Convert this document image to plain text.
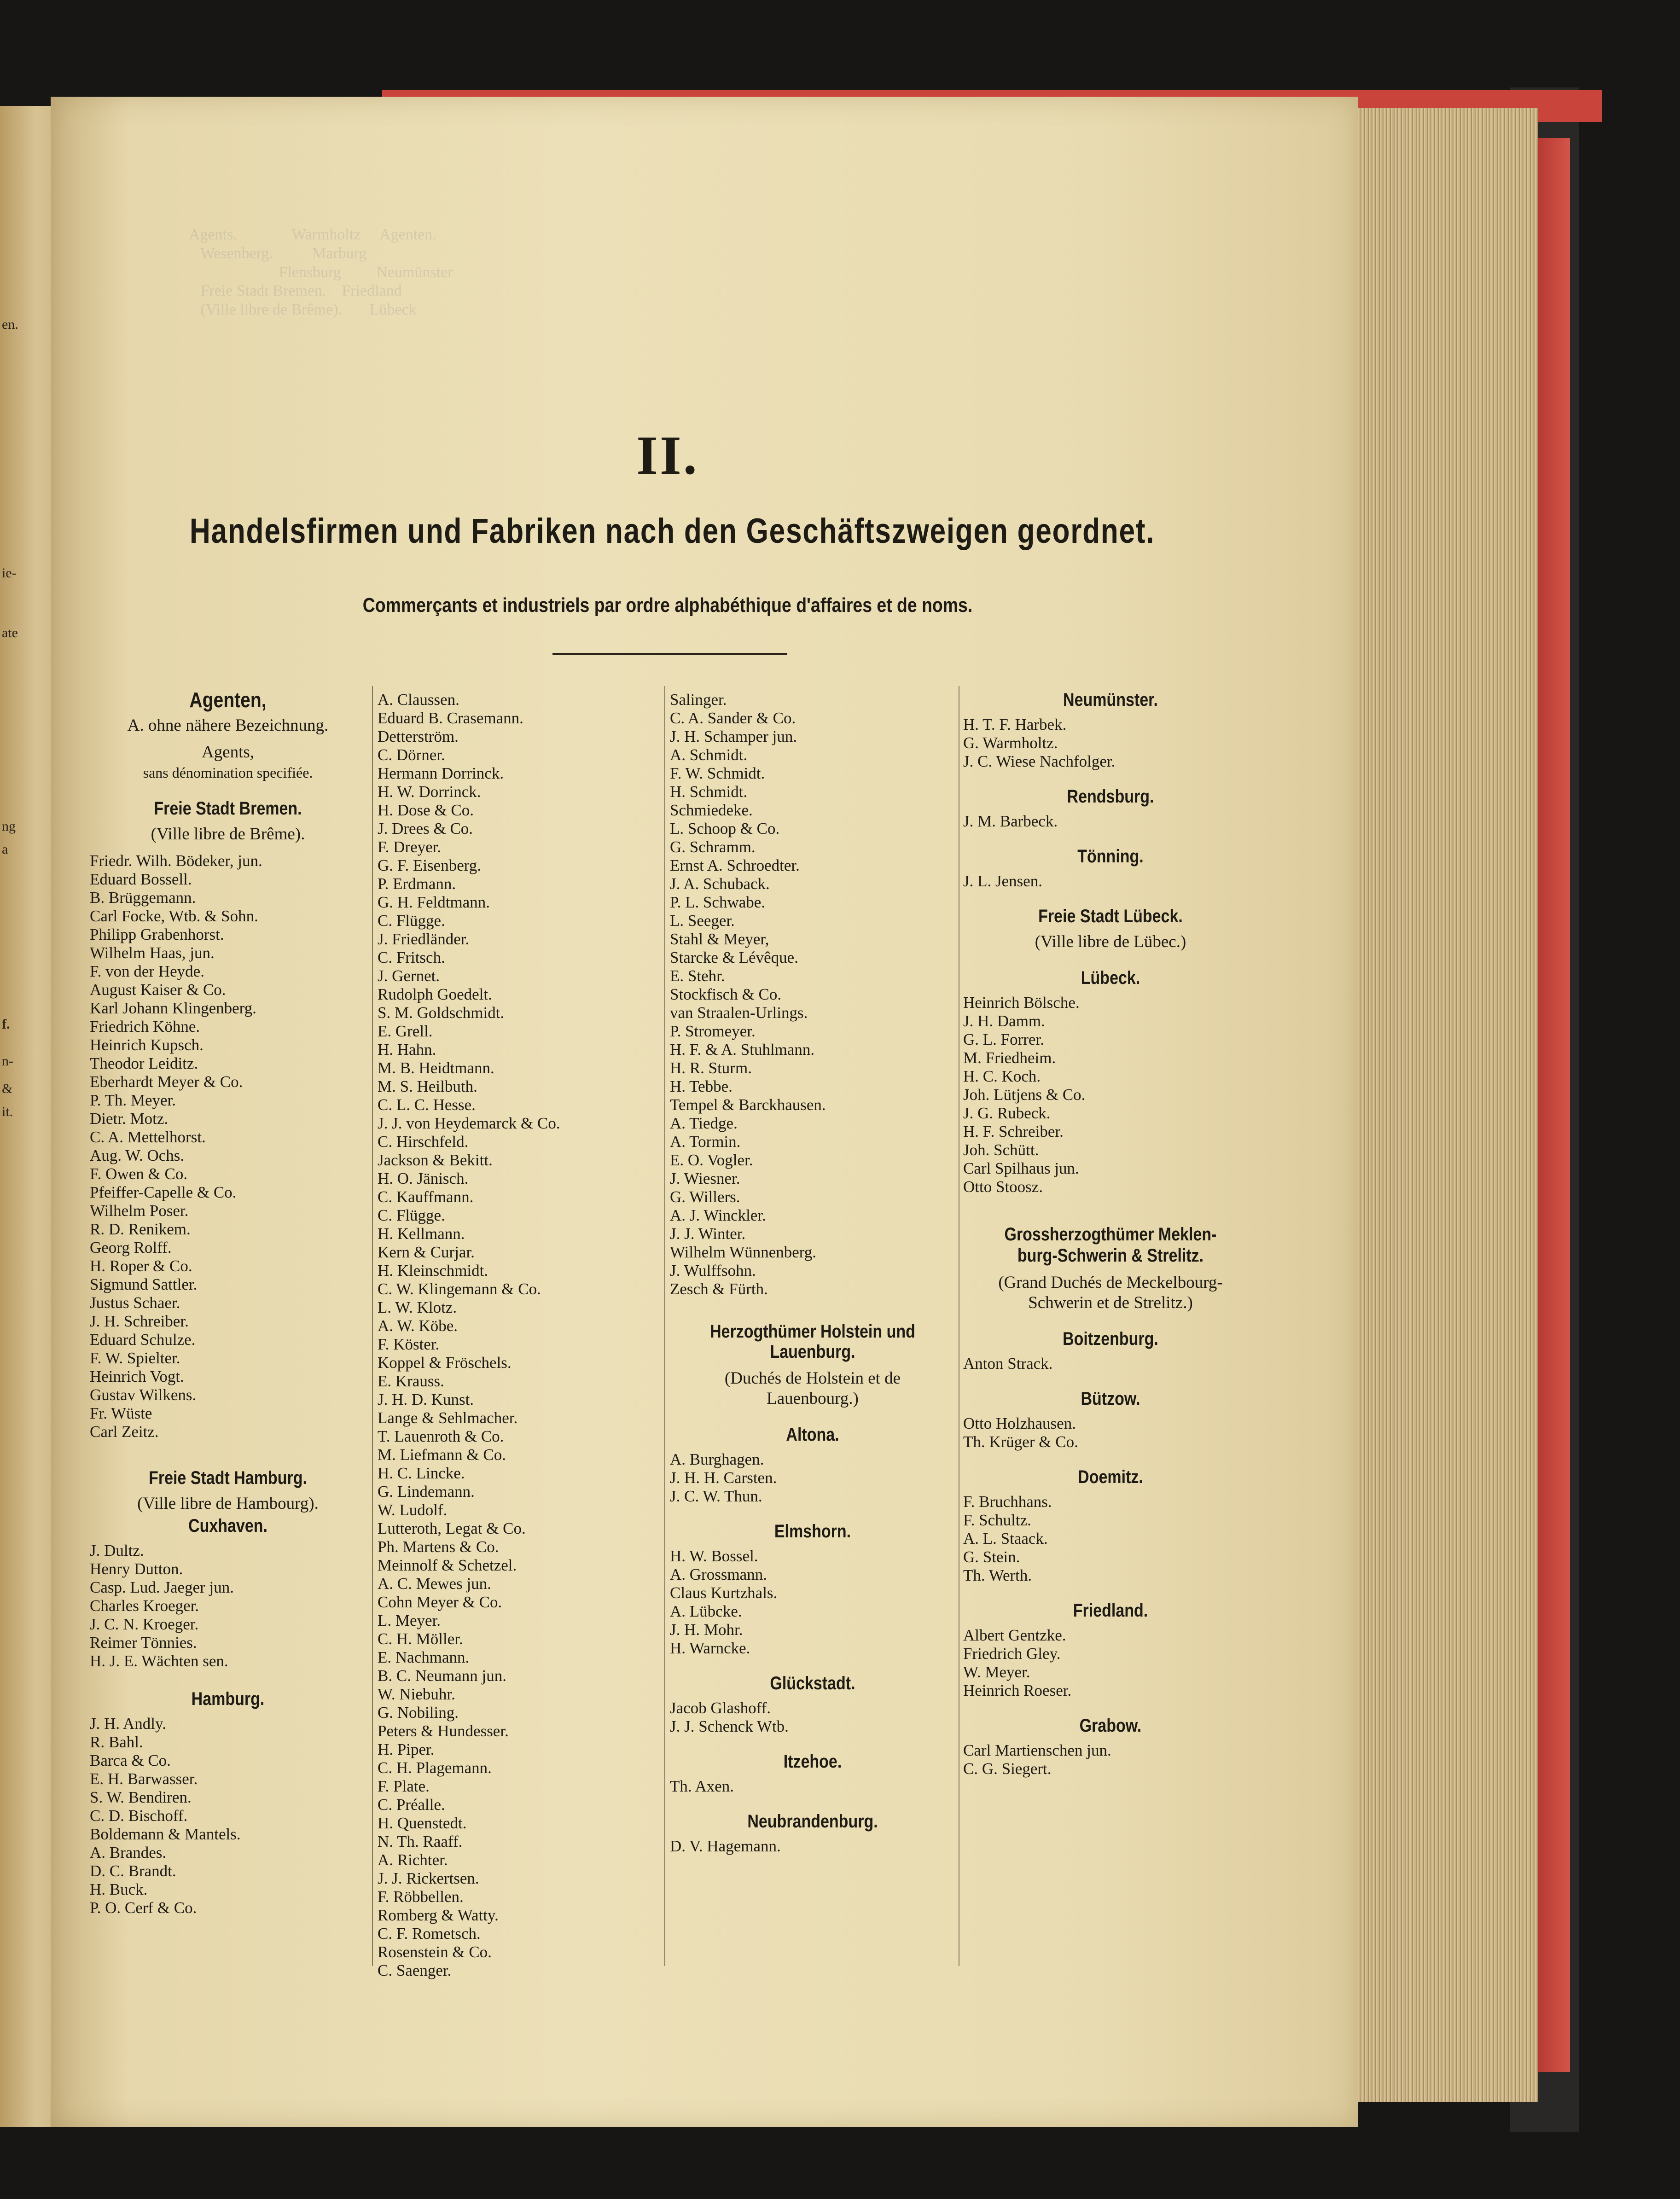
en.
ie-
ate
ng
a
f.
n-
&
it.
Agents.              Warmholtz     Agenten.
Wesenberg.          Marburg
Flensburg         Neumünster
Freie Stadt Bremen.    Friedland
(Ville libre de Brême).       Lübeck
II.
Handelsfirmen und Fabriken nach den Geschäftszweigen geordnet.
Commerçants et industriels par ordre alphabéthique d'affaires et de noms.
Agenten,
A. ohne nähere Bezeichnung.
Agents,
sans dénomination specifiée.
Freie Stadt Bremen.
(Ville libre de Brême).
Friedr. Wilh. Bödeker, jun.
Eduard Bossell.
B. Brüggemann.
Carl Focke, Wtb. & Sohn.
Philipp Grabenhorst.
Wilhelm Haas, jun.
F. von der Heyde.
August Kaiser & Co.
Karl Johann Klingenberg.
Friedrich Köhne.
Heinrich Kupsch.
Theodor Leiditz.
Eberhardt Meyer & Co.
P. Th. Meyer.
Dietr. Motz.
C. A. Mettelhorst.
Aug. W. Ochs.
F. Owen & Co.
Pfeiffer-Capelle & Co.
Wilhelm Poser.
R. D. Renikem.
Georg Rolff.
H. Roper & Co.
Sigmund Sattler.
Justus Schaer.
J. H. Schreiber.
Eduard Schulze.
F. W. Spielter.
Heinrich Vogt.
Gustav Wilkens.
Fr. Wüste
Carl Zeitz.
Freie Stadt Hamburg.
(Ville libre de Hambourg).
Cuxhaven.
J. Dultz.
Henry Dutton.
Casp. Lud. Jaeger jun.
Charles Kroeger.
J. C. N. Kroeger.
Reimer Tönnies.
H. J. E. Wächten sen.
Hamburg.
J. H. Andly.
R. Bahl.
Barca & Co.
E. H. Barwasser.
S. W. Bendiren.
C. D. Bischoff.
Boldemann & Mantels.
A. Brandes.
D. C. Brandt.
H. Buck.
P. O. Cerf & Co.
A. Claussen.
Eduard B. Crasemann.
Detterström.
C. Dörner.
Hermann Dorrinck.
H. W. Dorrinck.
H. Dose & Co.
J. Drees & Co.
F. Dreyer.
G. F. Eisenberg.
P. Erdmann.
G. H. Feldtmann.
C. Flügge.
J. Friedländer.
C. Fritsch.
J. Gernet.
Rudolph Goedelt.
S. M. Goldschmidt.
E. Grell.
H. Hahn.
M. B. Heidtmann.
M. S. Heilbuth.
C. L. C. Hesse.
J. J. von Heydemarck & Co.
C. Hirschfeld.
Jackson & Bekitt.
H. O. Jänisch.
C. Kauffmann.
C. Flügge.
H. Kellmann.
Kern & Curjar.
H. Kleinschmidt.
C. W. Klingemann & Co.
L. W. Klotz.
A. W. Köbe.
F. Köster.
Koppel & Fröschels.
E. Krauss.
J. H. D. Kunst.
Lange & Sehlmacher.
T. Lauenroth & Co.
M. Liefmann & Co.
H. C. Lincke.
G. Lindemann.
W. Ludolf.
Lutteroth, Legat & Co.
Ph. Martens & Co.
Meinnolf & Schetzel.
A. C. Mewes jun.
Cohn Meyer & Co.
L. Meyer.
C. H. Möller.
E. Nachmann.
B. C. Neumann jun.
W. Niebuhr.
G. Nobiling.
Peters & Hundesser.
H. Piper.
C. H. Plagemann.
F. Plate.
C. Préalle.
H. Quenstedt.
N. Th. Raaff.
A. Richter.
J. J. Rickertsen.
F. Röbbellen.
Romberg & Watty.
C. F. Rometsch.
Rosenstein & Co.
C. Saenger.
Salinger.
C. A. Sander & Co.
J. H. Schamper jun.
A. Schmidt.
F. W. Schmidt.
H. Schmidt.
Schmiedeke.
L. Schoop & Co.
G. Schramm.
Ernst A. Schroedter.
J. A. Schuback.
P. L. Schwabe.
L. Seeger.
Stahl & Meyer,
Starcke & Lévêque.
E. Stehr.
Stockfisch & Co.
van Straalen-Urlings.
P. Stromeyer.
H. F. & A. Stuhlmann.
H. R. Sturm.
H. Tebbe.
Tempel & Barckhausen.
A. Tiedge.
A. Tormin.
E. O. Vogler.
J. Wiesner.
G. Willers.
A. J. Winckler.
J. J. Winter.
Wilhelm Wünnenberg.
J. Wulffsohn.
Zesch & Fürth.
Herzogthümer Holstein und
Lauenburg.
(Duchés de Holstein et de
Lauenbourg.)
Altona.
A. Burghagen.
J. H. H. Carsten.
J. C. W. Thun.
Elmshorn.
H. W. Bossel.
A. Grossmann.
Claus Kurtzhals.
A. Lübcke.
J. H. Mohr.
H. Warncke.
Glückstadt.
Jacob Glashoff.
J. J. Schenck Wtb.
Itzehoe.
Th. Axen.
Neubrandenburg.
D. V. Hagemann.
Neumünster.
H. T. F. Harbek.
G. Warmholtz.
J. C. Wiese Nachfolger.
Rendsburg.
J. M. Barbeck.
Tönning.
J. L. Jensen.
Freie Stadt Lübeck.
(Ville libre de Lübec.)
Lübeck.
Heinrich Bölsche.
J. H. Damm.
G. L. Forrer.
M. Friedheim.
H. C. Koch.
Joh. Lütjens & Co.
J. G. Rubeck.
H. F. Schreiber.
Joh. Schütt.
Carl Spilhaus jun.
Otto Stoosz.
Grossherzogthümer Meklen-
burg-Schwerin & Strelitz.
(Grand Duchés de Meckelbourg-
Schwerin et de Strelitz.)
Boitzenburg.
Anton Strack.
Bützow.
Otto Holzhausen.
Th. Krüger & Co.
Doemitz.
F. Bruchhans.
F. Schultz.
A. L. Staack.
G. Stein.
Th. Werth.
Friedland.
Albert Gentzke.
Friedrich Gley.
W. Meyer.
Heinrich Roeser.
Grabow.
Carl Martienschen jun.
C. G. Siegert.
